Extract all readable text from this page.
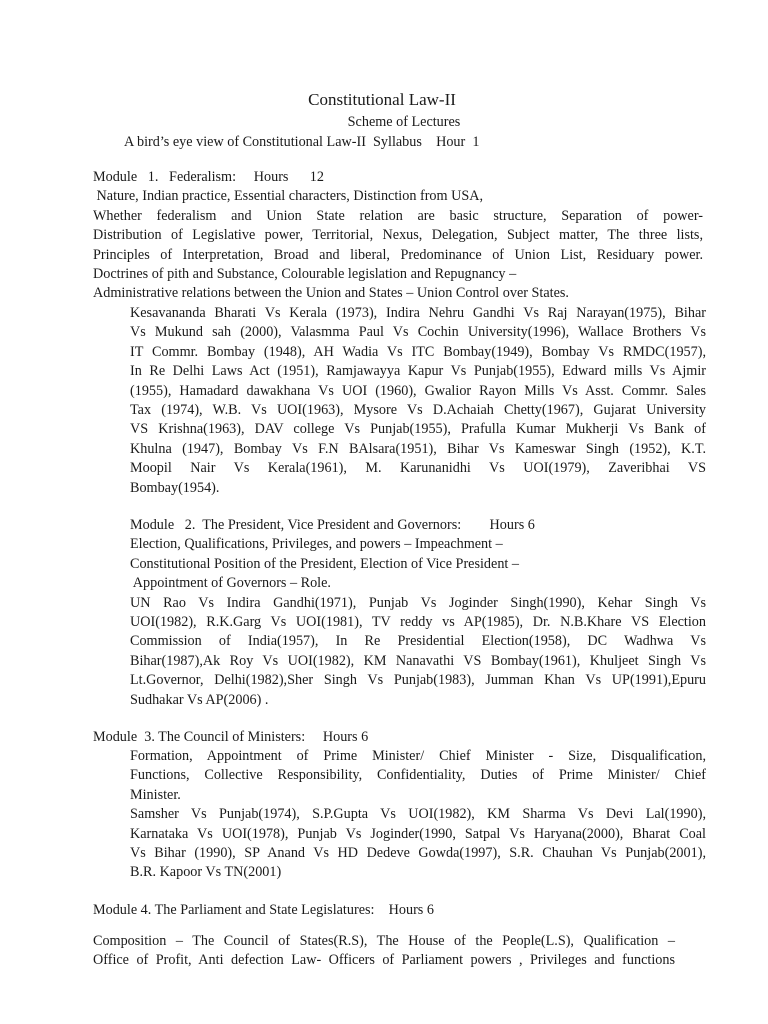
Constitutional Law-II
Scheme of Lectures
A bird’s eye view of Constitutional Law-II  Syllabus    Hour  1
Module   1.   Federalism:     Hours      12
Nature, Indian practice, Essential characters, Distinction from USA,
Whether federalism and Union State relation are basic structure, Separation of power-
Distribution of Legislative power, Territorial, Nexus, Delegation, Subject matter, The three lists,
Principles of Interpretation, Broad and liberal, Predominance of Union List, Residuary power.
Doctrines of pith and Substance, Colourable legislation and Repugnancy –
Administrative relations between the Union and States – Union Control over States.
Kesavananda Bharati Vs Kerala (1973), Indira Nehru Gandhi Vs Raj Narayan(1975), Bihar
Vs Mukund sah (2000), Valasmma Paul Vs Cochin University(1996), Wallace Brothers Vs
IT Commr. Bombay (1948), AH Wadia Vs ITC Bombay(1949), Bombay Vs RMDC(1957),
In Re Delhi Laws Act (1951), Ramjawayya Kapur Vs Punjab(1955), Edward mills Vs Ajmir
(1955), Hamadard dawakhana Vs UOI (1960), Gwalior Rayon Mills Vs Asst. Commr. Sales
Tax (1974), W.B. Vs UOI(1963), Mysore Vs D.Achaiah Chetty(1967), Gujarat University
VS Krishna(1963), DAV college Vs Punjab(1955), Prafulla Kumar Mukherji Vs Bank of
Khulna (1947), Bombay Vs F.N BAlsara(1951), Bihar Vs Kameswar Singh (1952), K.T.
Moopil Nair Vs Kerala(1961), M. Karunanidhi Vs UOI(1979), Zaveribhai VS
Bombay(1954).
Module   2.  The President, Vice President and Governors:        Hours 6
Election, Qualifications, Privileges, and powers – Impeachment –
Constitutional Position of the President, Election of Vice President –
Appointment of Governors – Role.
UN Rao Vs Indira Gandhi(1971), Punjab Vs Joginder Singh(1990), Kehar Singh Vs
UOI(1982), R.K.Garg Vs UOI(1981), TV reddy vs AP(1985), Dr. N.B.Khare VS Election
Commission of India(1957), In Re Presidential Election(1958), DC Wadhwa Vs
Bihar(1987),Ak Roy Vs UOI(1982), KM Nanavathi VS Bombay(1961), Khuljeet Singh Vs
Lt.Governor, Delhi(1982),Sher Singh Vs Punjab(1983), Jumman Khan Vs UP(1991),Epuru
Sudhakar Vs AP(2006) .
Module  3. The Council of Ministers:     Hours 6
Formation, Appointment of Prime Minister/ Chief Minister - Size, Disqualification,
Functions, Collective Responsibility, Confidentiality, Duties of Prime Minister/ Chief
Minister.
Samsher Vs Punjab(1974), S.P.Gupta Vs UOI(1982), KM Sharma Vs Devi Lal(1990),
Karnataka Vs UOI(1978), Punjab Vs Joginder(1990, Satpal Vs Haryana(2000), Bharat Coal
Vs Bihar (1990), SP Anand Vs HD Dedeve Gowda(1997), S.R. Chauhan Vs Punjab(2001),
B.R. Kapoor Vs TN(2001)
Module 4. The Parliament and State Legislatures:    Hours 6
Composition – The Council of States(R.S), The House of the People(L.S), Qualification –
Office of Profit, Anti defection Law- Officers of Parliament powers , Privileges and functions
